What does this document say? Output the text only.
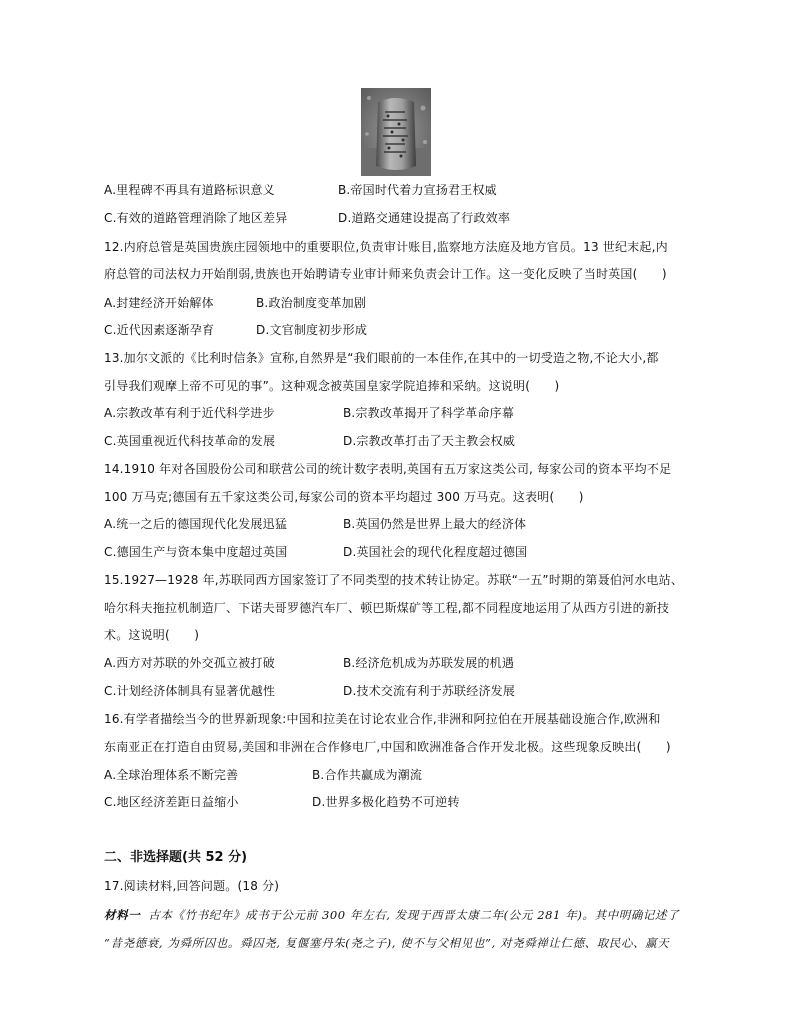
A.里程碑不再具有道路标识意义	B.帝国时代着力宣扬君王权威
C.有效的道路管理消除了地区差异	D.道路交通建设提高了行政效率
12.内府总管是英国贵族庄园领地中的重要职位,负责审计账目,监察地方法庭及地方官员。13 世纪末起,内
府总管的司法权力开始削弱,贵族也开始聘请专业审计师来负责会计工作。这一变化反映了当时英国(　　)
A.封建经济开始解体	B.政治制度变革加剧
C.近代因素逐渐孕育	D.文官制度初步形成
13.加尔文派的《比利时信条》宣称,自然界是“我们眼前的一本佳作,在其中的一切受造之物,不论大小,都
引导我们观摩上帝不可见的事”。这种观念被英国皇家学院追捧和采纳。这说明(　　)
A.宗教改革有利于近代科学进步	B.宗教改革揭开了科学革命序幕
C.英国重视近代科技革命的发展	D.宗教改革打击了天主教会权威
14.1910 年对各国股份公司和联营公司的统计数字表明,英国有五万家这类公司, 每家公司的资本平均不足
100 万马克;德国有五千家这类公司,每家公司的资本平均超过 300 万马克。这表明(　　)
A.统一之后的德国现代化发展迅猛	B.英国仍然是世界上最大的经济体
C.德国生产与资本集中度超过英国	D.英国社会的现代化程度超过德国
15.1927—1928 年,苏联同西方国家签订了不同类型的技术转让协定。苏联“一五”时期的第聂伯河水电站、
哈尔科夫拖拉机制造厂、下诺夫哥罗德汽车厂、顿巴斯煤矿等工程,都不同程度地运用了从西方引进的新技
术。这说明(　　)
A.西方对苏联的外交孤立被打破	B.经济危机成为苏联发展的机遇
C.计划经济体制具有显著优越性	D.技术交流有利于苏联经济发展
16.有学者描绘当今的世界新现象:中国和拉美在讨论农业合作,非洲和阿拉伯在开展基础设施合作,欧洲和
东南亚正在打造自由贸易,美国和非洲在合作修电厂,中国和欧洲准备合作开发北极。这些现象反映出(　　)
A.全球治理体系不断完善	B.合作共赢成为潮流
C.地区经济差距日益缩小	D.世界多极化趋势不可逆转
二、非选择题(共 52 分)
17.阅读材料,回答问题。(18 分)
材料一 古本《竹书纪年》成书于公元前 300 年左右, 发现于西晋太康二年(公元 281 年)。其中明确记述了
“昔尧德衰, 为舜所囚也。舜囚尧, 复偃塞丹朱(尧之子), 使不与父相见也”, 对尧舜禅让仁德、取民心、赢天
